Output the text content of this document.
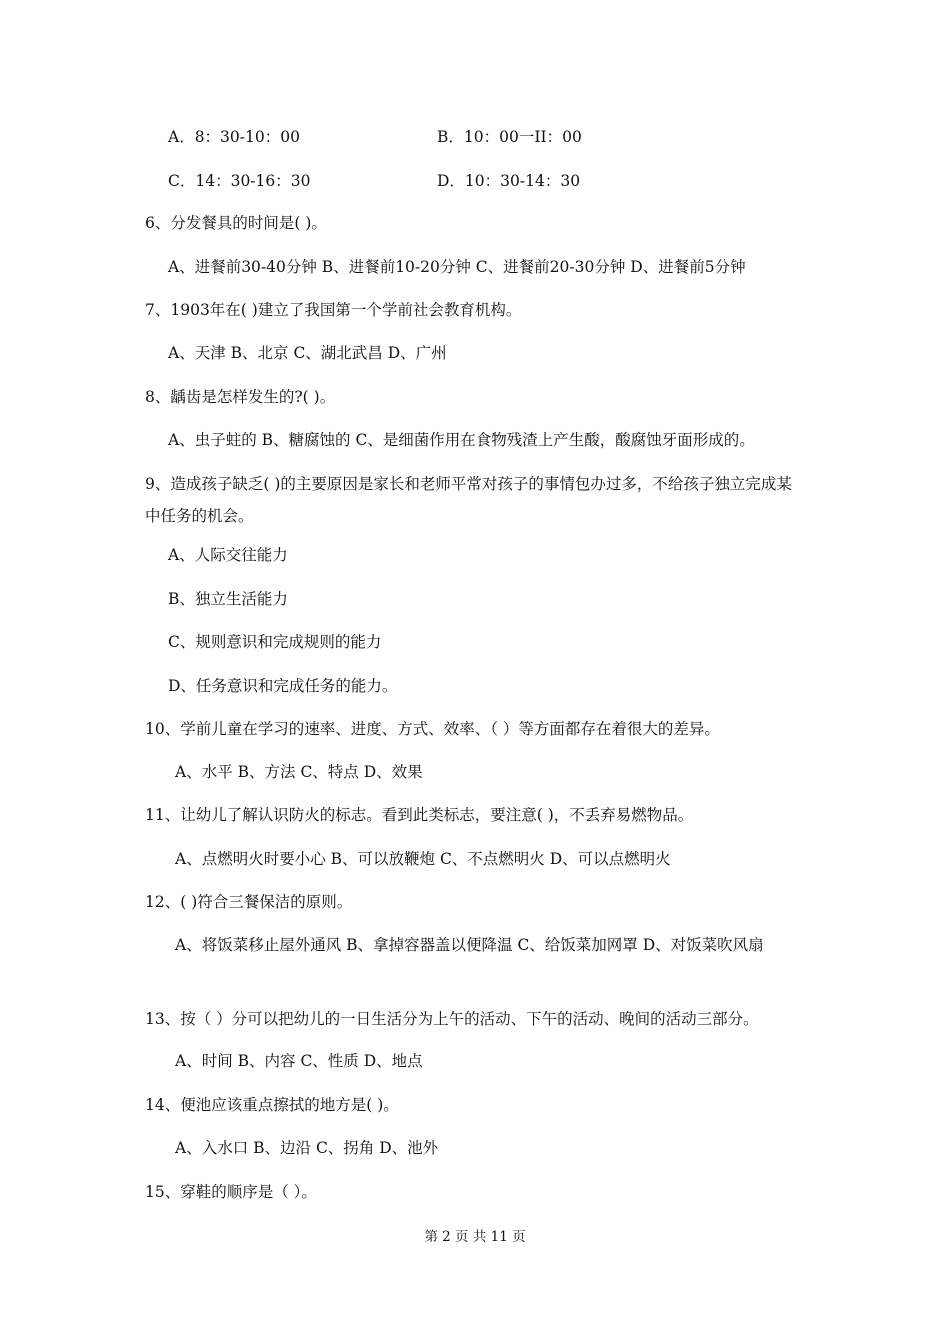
A．8：30-10：00	B．10：00一II：00
C．14：30-16：30	D．10：30-14：30
6、分发餐具的时间是( )。
A、进餐前30-40分钟 B、进餐前10-20分钟 C、进餐前20-30分钟 D、进餐前5分钟
7、1903年在( )建立了我国第一个学前社会教育机构。
A、天津 B、北京 C、湖北武昌 D、广州
8、龋齿是怎样发生的?( )。
A、虫子蛀的 B、糖腐蚀的 C、是细菌作用在食物残渣上产生酸，酸腐蚀牙面形成的。
9、造成孩子缺乏( )的主要原因是家长和老师平常对孩子的事情包办过多，不给孩子独立完成某中任务的机会。
A、人际交往能力
B、独立生活能力
C、规则意识和完成规则的能力
D、任务意识和完成任务的能力。
10、学前儿童在学习的速率、进度、方式、效率、（ ）等方面都存在着很大的差异。
A、水平 B、方法 C、特点 D、效果
11、让幼儿了解认识防火的标志。看到此类标志，要注意( )，不丢弃易燃物品。
A、点燃明火时要小心 B、可以放鞭炮 C、不点燃明火 D、可以点燃明火
12、( )符合三餐保洁的原则。
A、将饭菜移止屋外通风 B、拿掉容器盖以便降温 C、给饭菜加网罩 D、对饭菜吹风扇
13、按（ ）分可以把幼儿的一日生活分为上午的活动、下午的活动、晚间的活动三部分。
A、时间 B、内容 C、性质 D、地点
14、便池应该重点擦拭的地方是( )。
A、入水口 B、边沿 C、拐角 D、池外
15、穿鞋的顺序是（ ）。
第 2 页 共 11 页
